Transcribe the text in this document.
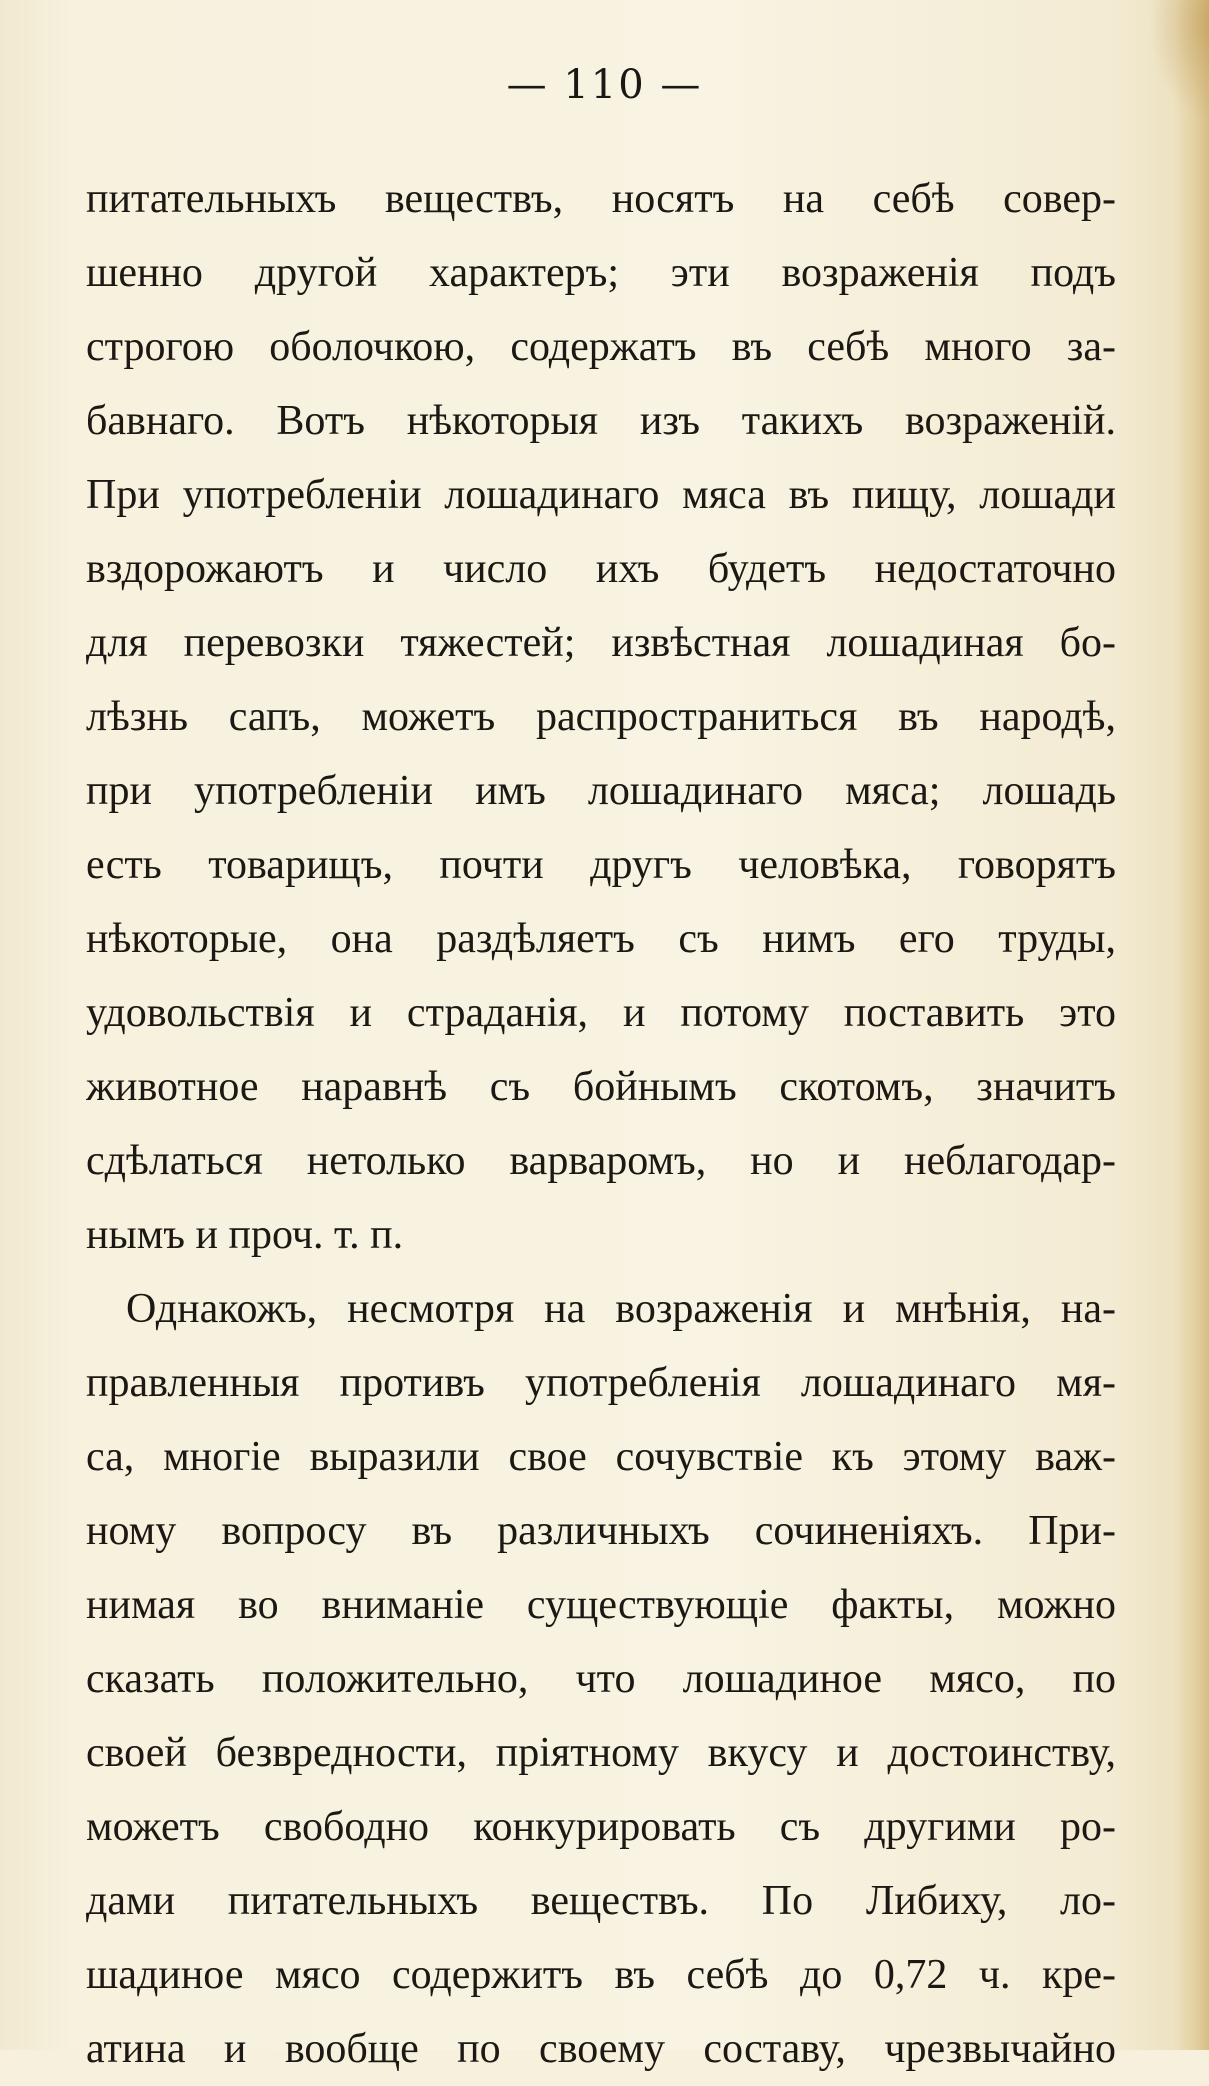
— 110 —
питательныхъ веществъ, носятъ на себѣ совер-
шенно другой характеръ; эти возраженія подъ
строгою оболочкою, содержатъ въ себѣ много за-
бавнаго. Вотъ нѣкоторыя изъ такихъ возраженій.
При употребленіи лошадинаго мяса въ пищу, лошади
вздорожаютъ и число ихъ будетъ недостаточно
для перевозки тяжестей; извѣстная лошадиная бо-
лѣзнь сапъ, можетъ распространиться въ народѣ,
при употребленіи имъ лошадинаго мяса; лошадь
есть товарищъ, почти другъ человѣка, говорятъ
нѣкоторые, она раздѣляетъ съ нимъ его труды,
удовольствія и страданія, и потому поставить это
животное наравнѣ съ бойнымъ скотомъ, значитъ
сдѣлаться нетолько варваромъ, но и неблагодар-
нымъ и проч. т. п.
Однакожъ, несмотря на возраженія и мнѣнія, на-
правленныя противъ употребленія лошадинаго мя-
са, многіе выразили свое сочувствіе къ этому важ-
ному вопросу въ различныхъ сочиненіяхъ. При-
нимая во вниманіе существующіе факты, можно
сказать положительно, что лошадиное мясо, по
своей безвредности, пріятному вкусу и достоинству,
можетъ свободно конкурировать съ другими ро-
дами питательныхъ веществъ. По Либиху, ло-
шадиное мясо содержитъ въ себѣ до 0,72 ч. кре-
атина и вообще по своему составу, чрезвычайно
